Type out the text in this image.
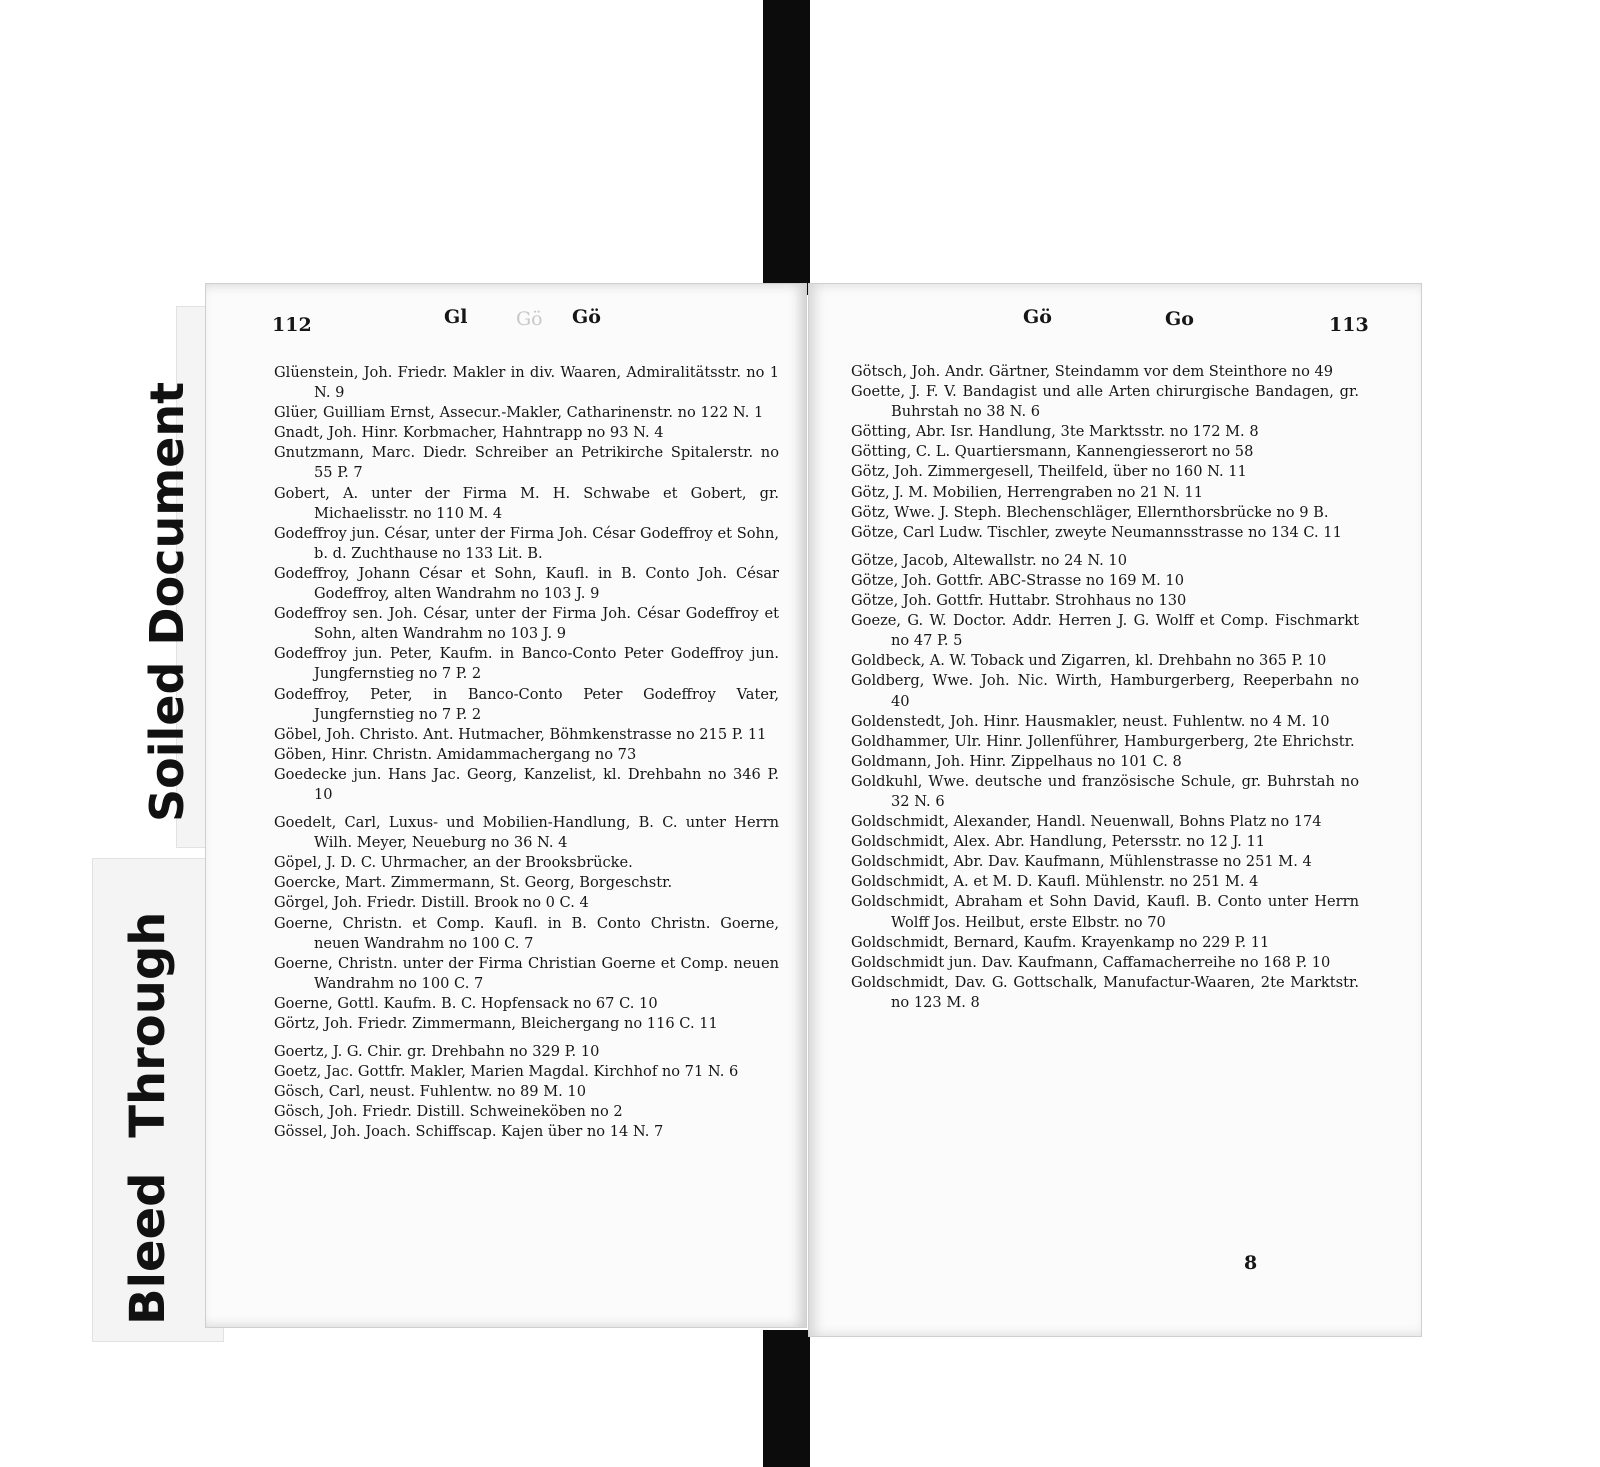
Soiled Document
Bleed Through
112	Gl	Gö Gö

Glüenstein, Joh. Friedr. Makler in div. Waaren, Admiralitätsstr. no 1 N. 9

Glüer, Guilliam Ernst, Assecur.-Makler, Catharinenstr. no 122 N. 1

Gnadt, Joh. Hinr. Korbmacher, Hahntrapp no 93 N. 4

Gnutzmann, Marc. Diedr. Schreiber an Petrikirche Spitalerstr. no 55 P. 7

Gobert, A. unter der Firma M. H. Schwabe et Gobert, gr. Michaelisstr. no 110 M. 4

Godeffroy jun. César, unter der Firma Joh. César Godeffroy et Sohn, b. d. Zuchthause no 133 Lit. B.

Godeffroy, Johann César et Sohn, Kaufl. in B. Conto Joh. César Godeffroy, alten Wandrahm no 103 J. 9

Godeffroy sen. Joh. César, unter der Firma Joh. César Godeffroy et Sohn, alten Wandrahm no 103 J. 9

Godeffroy jun. Peter, Kaufm. in Banco-Conto Peter Godeffroy jun. Jungfernstieg no 7 P. 2

Godeffroy, Peter, in Banco-Conto Peter Godeffroy Vater, Jungfernstieg no 7 P. 2

Göbel, Joh. Christo. Ant. Hutmacher, Böhmkenstrasse no 215 P. 11

Göben, Hinr. Christn. Amidammachergang no 73

Goedecke jun. Hans Jac. Georg, Kanzelist, kl. Drehbahn no 346 P. 10

Goedelt, Carl, Luxus- und Mobilien-Handlung, B. C. unter Herrn Wilh. Meyer, Neueburg no 36 N. 4

Göpel, J. D. C. Uhrmacher, an der Brooksbrücke.

Goercke, Mart. Zimmermann, St. Georg, Borgeschstr.

Görgel, Joh. Friedr. Distill. Brook no 0 C. 4

Goerne, Christn. et Comp. Kaufl. in B. Conto Christn. Goerne, neuen Wandrahm no 100 C. 7

Goerne, Christn. unter der Firma Christian Goerne et Comp. neuen Wandrahm no 100 C. 7

Goerne, Gottl. Kaufm. B. C. Hopfensack no 67 C. 10

Görtz, Joh. Friedr. Zimmermann, Bleichergang no 116 C. 11

Goertz, J. G. Chir. gr. Drehbahn no 329 P. 10

Goetz, Jac. Gottfr. Makler, Marien Magdal. Kirchhof no 71 N. 6

Gösch, Carl, neust. Fuhlentw. no 89 M. 10

Gösch, Joh. Friedr. Distill. Schweineköben no 2

Gössel, Joh. Joach. Schiffscap. Kajen über no 14 N. 7

Gö	Go	113

Götsch, Joh. Andr. Gärtner, Steindamm vor dem Steinthore no 49

Goette, J. F. V. Bandagist und alle Arten chirurgische Bandagen, gr. Buhrstah no 38 N. 6

Götting, Abr. Isr. Handlung, 3te Marktsstr. no 172 M. 8

Götting, C. L. Quartiersmann, Kannengiesserort no 58

Götz, Joh. Zimmergesell, Theilfeld, über no 160 N. 11

Götz, J. M. Mobilien, Herrengraben no 21 N. 11

Götz, Wwe. J. Steph. Blechenschläger, Ellernthorsbrücke no 9 B.

Götze, Carl Ludw. Tischler, zweyte Neumannsstrasse no 134 C. 11

Götze, Jacob, Altewallstr. no 24 N. 10

Götze, Joh. Gottfr. ABC-Strasse no 169 M. 10

Götze, Joh. Gottfr. Huttabr. Strohhaus no 130

Goeze, G. W. Doctor. Addr. Herren J. G. Wolff et Comp. Fischmarkt no 47 P. 5

Goldbeck, A. W. Toback und Zigarren, kl. Drehbahn no 365 P. 10

Goldberg, Wwe. Joh. Nic. Wirth, Hamburgerberg, Reeperbahn no 40

Goldenstedt, Joh. Hinr. Hausmakler, neust. Fuhlentw. no 4 M. 10

Goldhammer, Ulr. Hinr. Jollenführer, Hamburgerberg, 2te Ehrichstr.

Goldmann, Joh. Hinr. Zippelhaus no 101 C. 8

Goldkuhl, Wwe. deutsche und französische Schule, gr. Buhrstah no 32 N. 6

Goldschmidt, Alexander, Handl. Neuenwall, Bohns Platz no 174

Goldschmidt, Alex. Abr. Handlung, Petersstr. no 12 J. 11

Goldschmidt, Abr. Dav. Kaufmann, Mühlenstrasse no 251 M. 4

Goldschmidt, A. et M. D. Kaufl. Mühlenstr. no 251 M. 4

Goldschmidt, Abraham et Sohn David, Kaufl. B. Conto unter Herrn Wolff Jos. Heilbut, erste Elbstr. no 70

Goldschmidt, Bernard, Kaufm. Krayenkamp no 229 P. 11

Goldschmidt jun. Dav. Kaufmann, Caffamacherreihe no 168 P. 10

Goldschmidt, Dav. G. Gottschalk, Manufactur-Waaren, 2te Marktstr. no 123 M. 8

8
